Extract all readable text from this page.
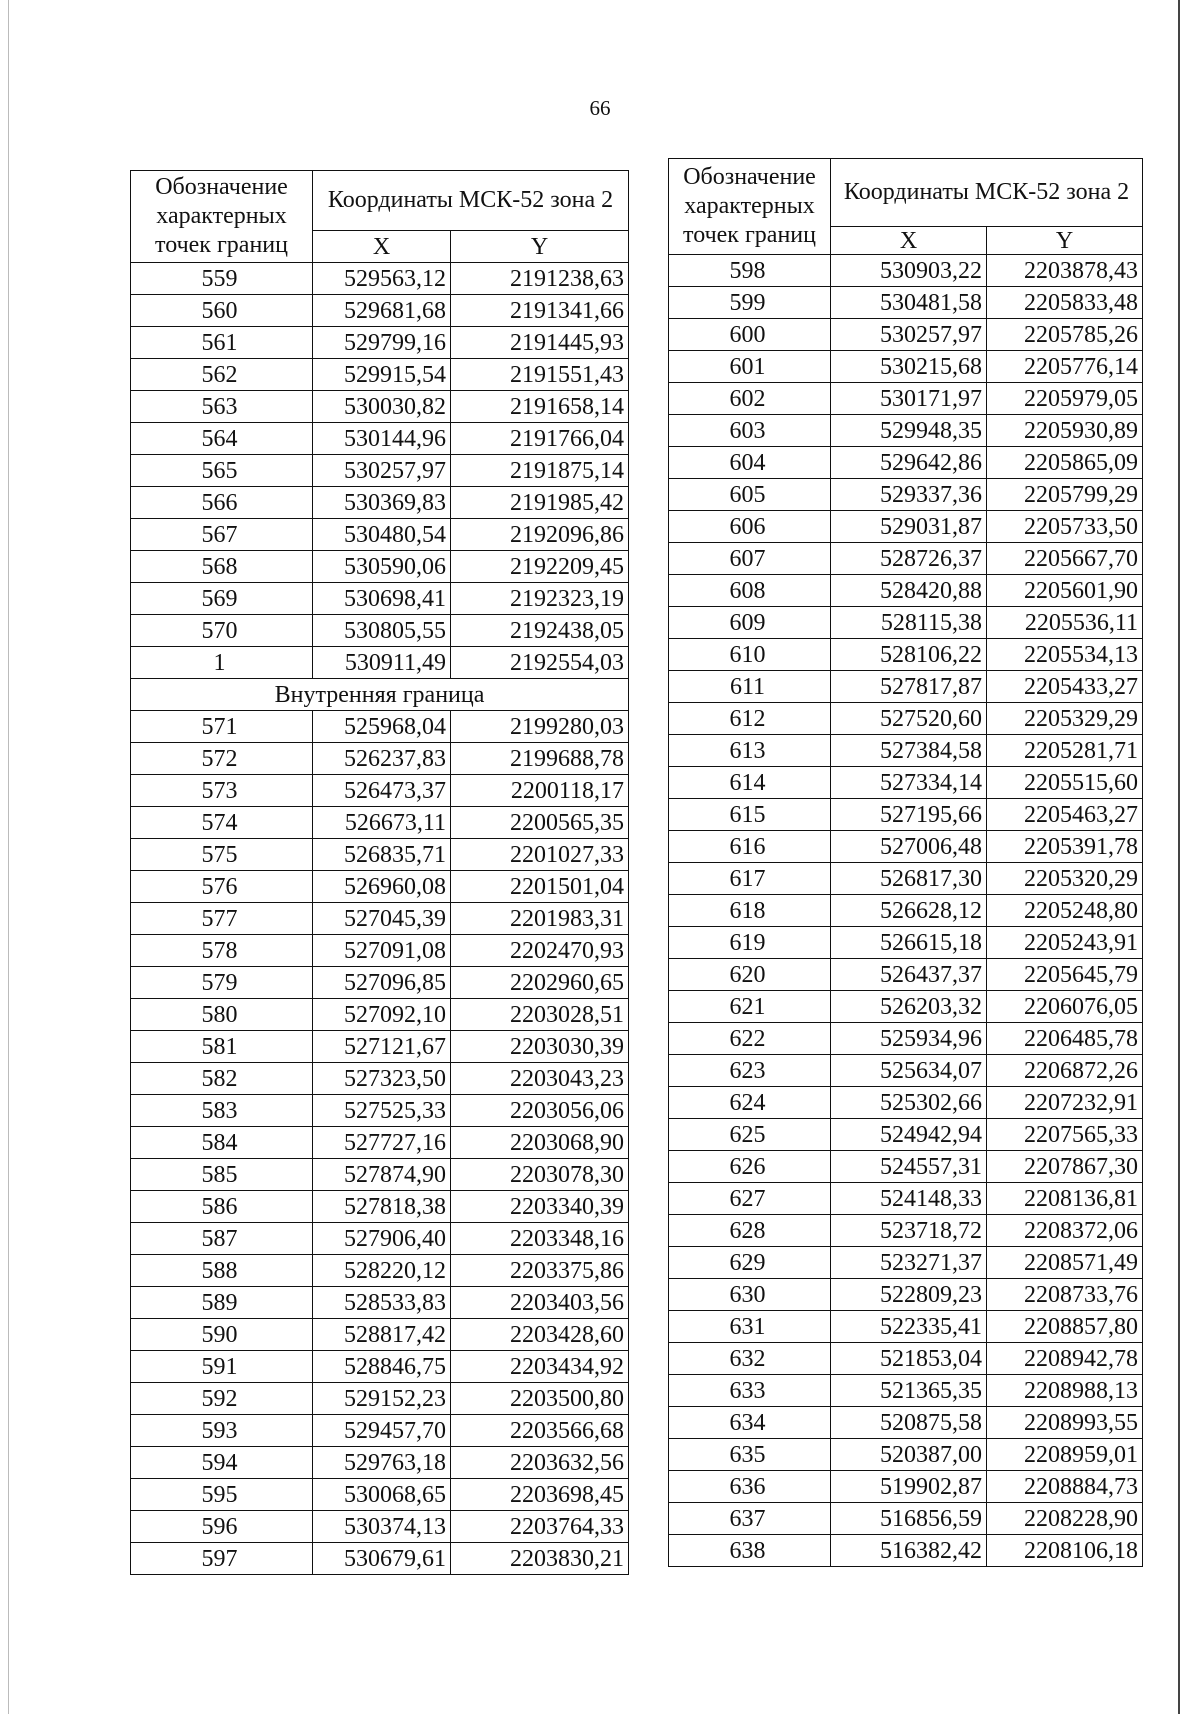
66
Обозначение характерных точек границ	Координаты МСК-52 зона 2	
	X	Y
559	529563,12	2191238,63
560	529681,68	2191341,66
561	529799,16	2191445,93
562	529915,54	2191551,43
563	530030,82	2191658,14
564	530144,96	2191766,04
565	530257,97	2191875,14
566	530369,83	2191985,42
567	530480,54	2192096,86
568	530590,06	2192209,45
569	530698,41	2192323,19
570	530805,55	2192438,05
1	530911,49	2192554,03
Внутренняя граница		
571	525968,04	2199280,03
572	526237,83	2199688,78
573	526473,37	2200118,17
574	526673,11	2200565,35
575	526835,71	2201027,33
576	526960,08	2201501,04
577	527045,39	2201983,31
578	527091,08	2202470,93
579	527096,85	2202960,65
580	527092,10	2203028,51
581	527121,67	2203030,39
582	527323,50	2203043,23
583	527525,33	2203056,06
584	527727,16	2203068,90
585	527874,90	2203078,30
586	527818,38	2203340,39
587	527906,40	2203348,16
588	528220,12	2203375,86
589	528533,83	2203403,56
590	528817,42	2203428,60
591	528846,75	2203434,92
592	529152,23	2203500,80
593	529457,70	2203566,68
594	529763,18	2203632,56
595	530068,65	2203698,45
596	530374,13	2203764,33
597	530679,61	2203830,21
Обозначение характерных точек границ	Координаты МСК-52 зона 2	
	X	Y
598	530903,22	2203878,43
599	530481,58	2205833,48
600	530257,97	2205785,26
601	530215,68	2205776,14
602	530171,97	2205979,05
603	529948,35	2205930,89
604	529642,86	2205865,09
605	529337,36	2205799,29
606	529031,87	2205733,50
607	528726,37	2205667,70
608	528420,88	2205601,90
609	528115,38	2205536,11
610	528106,22	2205534,13
611	527817,87	2205433,27
612	527520,60	2205329,29
613	527384,58	2205281,71
614	527334,14	2205515,60
615	527195,66	2205463,27
616	527006,48	2205391,78
617	526817,30	2205320,29
618	526628,12	2205248,80
619	526615,18	2205243,91
620	526437,37	2205645,79
621	526203,32	2206076,05
622	525934,96	2206485,78
623	525634,07	2206872,26
624	525302,66	2207232,91
625	524942,94	2207565,33
626	524557,31	2207867,30
627	524148,33	2208136,81
628	523718,72	2208372,06
629	523271,37	2208571,49
630	522809,23	2208733,76
631	522335,41	2208857,80
632	521853,04	2208942,78
633	521365,35	2208988,13
634	520875,58	2208993,55
635	520387,00	2208959,01
636	519902,87	2208884,73
637	516856,59	2208228,90
638	516382,42	2208106,18
